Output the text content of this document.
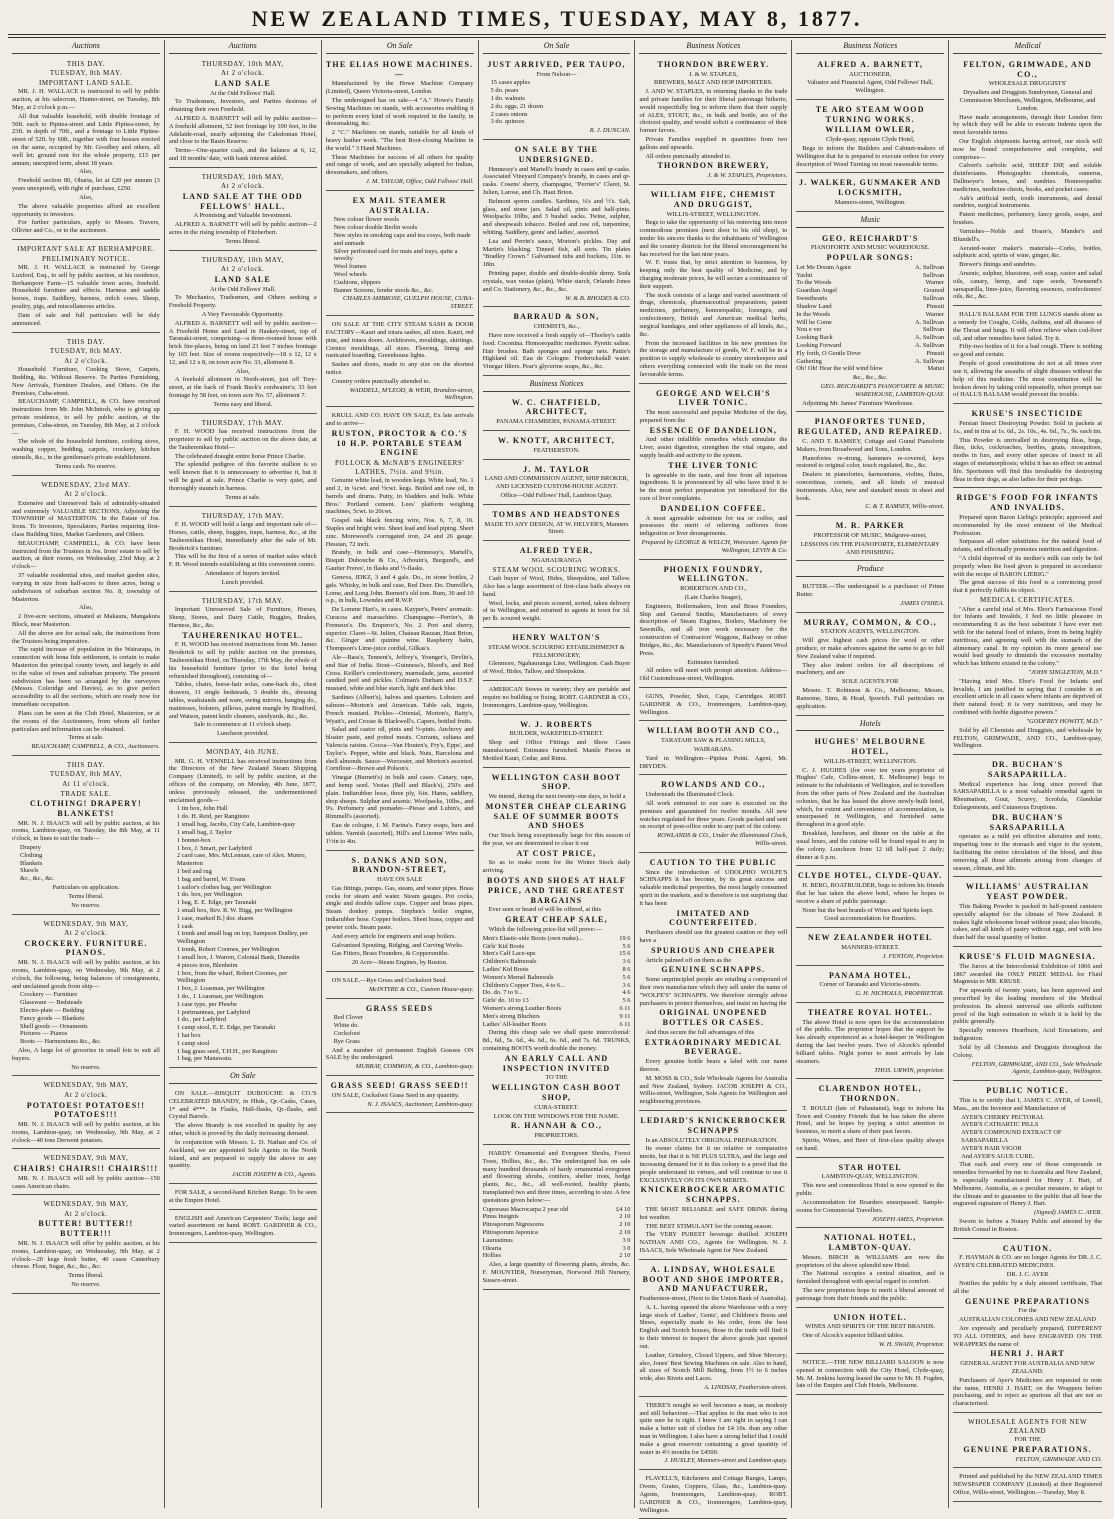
NEW ZEALAND TIMES, TUESDAY, MAY 8, 1877.
Auctions
THIS DAY.
TUESDAY, 8th MAY.
IMPORTANT LAND SALE.
MR. J. H. WALLACE is instructed to sell by public auction, at his salecrom, Hunter-street, on Tuesday, 8th May, at 2 o'clock p.m.—
All that valuable leasehold, with double frontage of 50ft. each to Pipitea-street and Little Pipitea-street, by 23ft. in depth of 70ft., and a frontage to Little Pipitea-street of 52ft. by 60ft., together with four houses erected on the same, occupied by Mr. Goodbey and others, all well let; ground rent for the whole property, £15 per annum; unexpired term, about 18 years.
Also,
Freehold section 80, Oharia, let at £20 per annum (3 years unexpired), with right of purchase, £250.
Also,
The above valuable properties afford an excellent opportunity to investors.
For further particulars, apply to Messrs. Travers, Ollivier and Co., or to the auctioneer.
IMPORTANT SALE AT BERHAMPORE.
PRELIMINARY NOTICE.
MR. J. H. WALLACE is instructed by George Luxford, Esq., to sell by public auction, at his residence, Berhampore Farm—15 valuable town acres, freehold. Household furniture and effects. Harness and saddle horses, traps. Saddlery, harness, milch cows. Sheep, poultry, pigs, and miscellaneous articles.
Date of sale and full particulars will be duly announced.
THIS DAY.
TUESDAY, 8th MAY.
At 2 o'clock.
Household Furniture, Cooking Stove, Carpets, Bedding, &c. Without Reserve. To Parties Furnishing, New Arrivals, Furniture Dealers, and Others. On the Premises, Cuba-street.
BEAUCHAMP, CAMPBELL, & CO. have received instructions from Mr. John McIntosh, who is giving up private residence, to sell by public auction, at the premises, Cuba-street, on Tuesday, 8th May, at 2 o'clock—
The whole of the household furniture, cooking stove, washing copper, bedding, carpets, crockery, kitchen utensils, &c., in the gentleman's private establishment.
Terms cash. No reserve.
WEDNESDAY, 23rd MAY.
At 2 o'clock.
Extensive and Unreserved Sale of admirably-situated and extremely VALUABLE SECTIONS, Adjoining the TOWNSHIP of MASTERTON. In the Estate of Jos. Irons. To Investors, Speculators, Parties requiring first-class Building Sites, Market Gardeners, and Others.
BEAUCHAMP, CAMPBELL, & CO. have been instructed from the Trustees in Jos. Irons' estate to sell by auction, at their rooms, on Wednesday, 23rd May, at 2 o'clock—
37 valuable residential sites, and market garden sites, varying in size from half-acres to three acres, being a subdivision of suburban section No. 8, township of Masterton.
Also,
2 five-acre sections, situated at Makaura, Mangakura Block, near Masterton.
All the above are for actual sale, the instructions from the Trustees being imperative.
The rapid increase of population in the Wairarapa, in connection with bona fide settlement, is certain to make Masterton the principal county town, and largely to add to the value of town and suburban property. The present subdivision has been so arranged by the surveyors (Messrs. Coleridge and Davies), as to give perfect accessibility to all the sections, which are ready now for immediate occupation.
Plans can be seen at the Club Hotel, Masterton, or at the rooms of the Auctioneers, from whom all further particulars and information can be obtained.
Terms at sale.
BEAUCHAMP, CAMPBELL, & CO., Auctioneers.
THIS DAY.
TUESDAY, 8th MAY,
At 11 o'clock.
TRADE SALE.
CLOTHING! DRAPERY! BLANKETS!
MR. N. J. ISAACS will sell by public auction, at his rooms, Lambton-quay, on Tuesday, the 8th May, at 11 o'clock, in lines to suit the trade—
Drapery
Clothing
Blankets
Shawls
&c., &c., &c.
Particulars on application.
Terms liberal.
No reserve.
WEDNESDAY, 9th MAY,
At 2 o'clock.
CROCKERY. FURNITURE. PIANOS.
MR. N. J. ISAACS will sell by public auction, at his rooms, Lambton-quay, on Wednesday, 9th May, at 2 o'clock, the following, being balances of consignments, and unclaimed goods from ship—
Crockery — Furniture
Glassware — Bedsteads
Electro-plate — Bedding
Fancy goods — Blankets
Shell goods — Ornaments
Pictures — Pianos
Boots — Harmoniums &c., &c.
Also, A large lot of groceries in small lots to suit all buyers.
No reserve.
WEDNESDAY, 9th MAY,
At 2 o'clock.
POTATOES! POTATOES!! POTATOES!!!
MR. N. J. ISAACS will sell by public auction, at his rooms, Lambton-quay, on Wednesday, 9th May, at 2 o'clock—40 tons Derwent potatoes.
WEDNESDAY, 9th MAY,
CHAIRS! CHAIRS!! CHAIRS!!!
MR. N. J. ISAACS will sell by public auction—150 cases American chairs.
WEDNESDAY, 9th MAY,
At 2 o'clock.
BUTTER! BUTTER!! BUTTER!!!
MR. N. J. ISAACS will offer by public auction, at his rooms, Lambton-quay, on Wednesday, 9th May, at 2 o'clock—20 kegs fresh butter, 40 cases Canterbury cheese. Flour, Sugar, &c., &c., &c.
Terms liberal.
No reserve.
Auctions
THURSDAY, 10th MAY,
At 2 o'clock.
LAND SALE
At the Odd Fellows' Hall.
To Tradesmen, Investors, and Parties desirous of obtaining their own Freehold.
ALFRED A. BARNETT will sell by public auction—A freehold allotment, 52 feet frontage by 100 feet, in the Adelaide-road, nearly adjoining the Caledonian Hotel, and close to the Basin Reserve.
Terms—One-quarter cash, and the balance at 6, 12, and 18 months' date, with bank interest added.
THURSDAY, 10th MAY,
At 2 o'clock.
LAND SALE AT THE ODD FELLOWS' HALL.
A Promising and Valuable Investment.
ALFRED A. BARNETT will sell by public auction—2 acres in the rising township of Fitzherbert.
Terms liberal.
THURSDAY, 10th MAY,
At 2 o'clock.
LAND SALE
At the Odd Fellows' Hall.
To Mechanics, Tradesmen, and Others seeking a Freehold Property.
A Very Favourable Opportunity.
ALFRED A. BARNETT will sell by public auction—A Freehold Home and Land in Haukey-street, top of Taranaki-street, comprising—a three-roomed house with brick fire-places, being on land 23 feet 7 inches frontage by 165 feet. Size of rooms respectively—18 x 12, 12 x 12, and 12 x 8, on town acre No. 33, allotment 8.
Also,
A freehold allotment in North-street, just off Tory-street, at the back of Frank Buck's cordwaine's; 33 feet frontage by 58 feet, on town acre No. 57, allotment 7.
Terms easy and liberal.
THURSDAY, 17th MAY.
F. H. WOOD has received instructions from the proprietor to sell by public auction on the above date, at the Tauherenikau Hotel—
The celebrated draught entire horse Prince Charlie.
The splendid pedigree of this favorite stallion is so well known that it is unnecessary to advertise it, but it will be good at sale. Prince Charlie is very quiet, and thoroughly staunch in harness.
Terms at sale.
THURSDAY, 17th MAY.
F. H. WOOD will hold a large and important sale of—Horses, cattle, sheep, buggies, traps, harness, &c., at the Tauherenikau Hotel, immediately after the sale of Mr. Broderick's furniture.
This will be the first of a series of market sales which F. H. Wood intends establishing at this convenient centre.
Attendance of buyers invited.
Lunch provided.
THURSDAY, 17th MAY.
Important Unreserved Sale of Furniture, Horses, Sheep, Stores, and Dairy Cattle, Buggies, Brakes, Harness, &c., &c.
TAUHERENIKAU HOTEL.
F. H. WOOD has received instructions from Mr. James Broderick to sell by public auction on the premises, Tauherenikau Hotel, on Thursday, 17th May, the whole of his household furniture (prior to the hotel being refurnished throughout), consisting of—
Tables, chairs, horse-hair sofas, cane-back do., chest drawers, 11 single bedsteads, 3 double do., dressing tables, washstands and ware, swing mirrors, hanging do., mattresses, bolsters, pillows, patent mangle by Bradford, and Watson, patent knife cleaners, steelyards, &c., &c.
Sale to commence at 11 o'clock sharp.
Luncheon provided.
MONDAY, 4th JUNE.
MR. G. H. VENNELL has received instructions from the Directors of the New Zealand Steam Shipping Company (Limited), to sell by public auction, at the offices of the company, on Monday, 4th June, 1877, unless previously released, the undermentioned unclaimed goods—
1 tin box, John Hall
1 do. H. Reid, per Rangitoto
1 small bag, Jacobs, City Cafe, Lambton-quay
1 small bag, J. Taylor
1 bonnet-box
1 box, J. Smart, per Ladybird
2 card case, Mrs. McLennan, care of Alex. Munro, Masterton
1 bed and rug
1 bag and barrel, W. Evans
1 sailor's clothes bag, per Wellington
1 do. box, per Wellington
1 bag, E. E. Edge, per Taranaki
1 small box, Rev. R. W. Bigg, per Wellington
1 case, marked B.] dor. shares
1 cask
1 trunk and small bag on top, Sampson Dudley, per Wellington
1 trunk, Robert Coomes, per Wellington
1 small box, J. Warren, Colonial Bank, Dunedin
4 pieces iron, Blenheim
1 box, from the wharf, Robert Coomes, per Wellington
1 box, J. Loasman, per Wellington
1 do., J. Loasman, per Wellington
1 case type, per Phoebe
1 portmanteau, per Ladybird
1 do., per Ladybird
1 camp stool, E. E. Edge, per Taranaki
1 hat box
1 camp stool
1 bag grass seed, T.H.H., per Rangitoto
1 bag, per Manawatu.
On Sale
ON SALE.—BISQUIT DUBOUCHE & CO.'S CELEBRATED BRANDY, in Hhds., Qr.-Casks, Cases, 1* and 4***. In Flasks, Half-flasks, Qr.-flasks, and Crystal Barrels.
The above Brandy is not excelled in quality by any other, which is proved by the daily increasing demand.
In conjunction with Messrs. L. D. Nathan and Co. of Auckland, we are appointed Sole Agents in the North Island, and are prepared to supply the above in any quantity.
JACOB JOSEPH & CO., Agents.
FOR SALE, a second-hand Kitchen Range. To be seen at the Empire Hotel.
ENGLISH and American Carpenters' Tools; large and varied assortment on hand. ROBT. GARDNER & CO., Ironmongers, Lambton-quay, Wellington.
On Sale
THE ELIAS HOWE MACHINES.—
Manufactured by the Howe Machine Company (Limited), Queen Victoria-street, London.
The undersigned has on sale—4 "A." Howe's Family Sewing Machines on stands, with accessories enabling it to perform every kind of work required in the family, in dressmaking, &c.
2 "C." Machines on stands, suitable for all kinds of heavy leather work. "The best Boot-closing Machine in the world." 3 Hand Machines.
These Machines for success of all others for quality and range of work, and are specially adapted for Indian, dressmakers, and others.
J. M. TAYLOR, Office, Odd Fellows' Hall.
EX MAIL STEAMER AUSTRALIA.
New colour flower wools
New colour double Berlin wools
New styles in smoking caps and tea cosys, both made and unmade
Silver perforated card for mats and trays, quite a novelty
Wool frames
Wool wheels
Cushions, slippers
Banner Screens, fender stools &c., &c.
CHARLES AMBROSE, GUELPH HOUSE, CUBA-STREET.
ON SALE AT THE CITY STEAM SASH & DOOR FACTORY—Kauri and totara sashes, all sizes. Kauri, red pine, and totara doors. Architraves, mouldings, skirtings. Cornice mouldings, all sizes. Flooring, lining and rusticated boarding. Greenhouse lights.
Sashes and doors, made to any size on the shortest notice.
Country orders punctually attended to.
WADDELL, M'LEOD, & WEIR, Brandon-street, Wellington.
KRULL AND CO. HAVE ON SALE, Ex late arrivals and to arrive—
RUSTON, PROCTOR & CO.'S 10 H.P. PORTABLE STEAM ENGINE
POLLOCK & McNAB'S ENGINEERS' LATHES, 7½in. and 9½in.
Genuine white lead, in wooden kegs. White lead, No. 1 and 2, in ¼cwt. and ½cwt. kegs. Boiled and raw oil, in barrels and drums. Putty, in bladders and bulk. White Bros.' Portland cement. Lees' platform weighing machines, 5cwt. to 20cwt.
Gospel oak black fencing wire, Nos. 6, 7, 8, 10. Staples and bright wire. Sheet lead and lead piping. Sheet zinc. Morewood's corrugated iron, 24 and 26 gauge. Hessian, 72 inch.
Brandy, in bulk and case—Hennessy's, Martell's, Bisquit Dubouche & Co., Arbouin's, Burgund's, and Gautier Freres', in flasks and ½-flasks.
Geneva, JDKZ, 3 and 4 gals. Do., in stone bottles, 2 gals. Whisky, in bulk and case, Red Deer. Do. Dunville's, Lorne, and Long John. Burnett's old tom. Rum, 30 and 10 o.p., in bulk, Lowndes and R.W.P.
De Lomme Hart's, in cases. Kuyper's, Peters' aromatic. Curacoa and maraschino. Champagne—Perrier's, & Fremeux's. Do. Emperor's, No. 2. Port and sherry, superior. Claret—St. Julien, Chateau Rauzan, Haut Brion, &c. Ginger and quinine wine. Raspberry balm, Thompson's Lime-juice cordial, Gilkas's.
Ale—Bass's, Tennent's, Jeffrey's, Younger's, Devlin's, and Star of India. Stout—Guinness's, Blood's, and Red Cross. Keiller's confectionery, marmalade, jams, assorted candied peel and pickles. Colman's Durham and D.S.F. mustard, white and blue starch, light and dark blue.
Sardines (Albert's), halves and quarters. Lobsters and salmon—Morton's and American. Table salt, ingots, French mustard. Pickles—Oriental, Morton's, Batty's, Wyatt's, and Crosse & Blackwell's. Capers, bottled fruits.
Salad and castor oil, pints and ½-pints. Anchovy and bloater paste, and potted meats. Currants, sultana and Valencia raisins. Cocoa—Van Houten's, Fry's, Epps', and Taylor's. Pepper, white and black. Nuts, Barcelona and shell almonds. Sauce—Worcester, and Morton's assorted. Cornflour—Brown and Polson's.
Vinegar (Burnett's) in bulk and cases. Canary, rape, and hemp seed. Vestas (Bell and Black's), 250's and plain. Indiarubber hose, three ply, ¾in. Hams, saddlery, shop sheeps. Sulphur and arsenic. Woolpacks, 10lbs., and 9's. Perfumery and pomades—Piesse and Lubin's, and Rimmell's (assorted).
Eau de cologne, J. M. Farina's. Fancy soaps, bars and tablets. Varnish (assorted), Hill's and Linoms' Wire nails, 1½in to 4in.
S. DANKS AND SON, BRANDON-STREET,
HAVE ON SALE
Gas fittings, pumps. Gas, steam, and water pipes. Brass cocks for steam and water. Steam gauges. Pot cocks, single and double tallow cups. Copper and brass pipes. Steam donkey pumps. Stephen's boiler engine, indiarubber hose. Copper boilers. Sheet brass, copper and pewter coils. Steam paste.
And every article for engineers and soap boilers.
Galvanised Spouting, Ridging, and Curving Works.
Gas Fitters, Brass Founders, & Coppersmiths.
20 Acre—Steam Engines, by Ruston.
ON SALE.—Rye Grass and Cocksfoot Seed.
McINTYRE & CO., Custom House-quay.
GRASS SEEDS
Red Clover
White do.
Cocksfoot
Rye Grass
And a number of permanent English Grasses ON SALE by the undersigned.
MURRAY, COMMON, & CO., Lambton-quay.
GRASS SEED! GRASS SEED!!
ON SALE, Cocksfoot Grass Seed in any quantity.
N. J. ISAACS, Auctioneer, Lambton-quay.
On Sale
JUST ARRIVED, PER TAUPO,
From Nelson—
15 cases apples
5 do. pears
1 do. walnuts
2 do. eggs, 21 dozen
2 cases onions
3 do. quinces
R. J. DUNCAN.
ON SALE BY THE UNDERSIGNED.
Hennessy's and Martell's brandy in cases and qr-casks. Associated Vineyard Company's brandy, in cases and qr-casks. Cosens' sherry, champagne, "Perrier's" Claret, St. Julien, Larose, and Ch. Haut Brion.
Belmont sperm candles. Sardines, ¼'s and ½'s. Salt, glass, and stone jars. Salad oil, pints and half-pints. Woolpacks 10lbs, and 3 bushel sacks. Twine, sulphur, and sheepwash tobacco. Boiled and raw oil, turpentine, whiting. Saddlery, gents' and ladies', assorted.
Lea and Perrin's sauce, Morton's pickles. Day and Martin's blacking. Tinned fish, all sorts. Tin plates "Bradley Crown." Galvanised tubs and buckets, 11in. to 18in.
Printing paper, double and double-double demy. Soda crystals, wax vestas (plain). White starch, Orlando Jones and Co. Stationery, &c., &c., &c.
W. & B. RHODES & CO.
BARRAUD & SON,
CHEMISTS, &c.,
Have now received a fresh supply of—Thorley's cattle food. Coconina. Homoeopathic medicines. Pyretic saline. Hair brushes. Bath sponges and sponge nets. Pattie's Highland oil. Eau de Cologne. Fredericksdall water. Vinegar filters. Pear's glycerine soaps, &c., &c.
Business Notices
W. C. CHATFIELD, ARCHITECT,
PANAMA CHAMBERS, PANAMA-STREET.
W. KNOTT, ARCHITECT,
FEATHERSTON.
J. M. TAYLOR
LAND AND COMMISSION AGENT, SHIP BROKER, AND LICENSED CUSTOM-HOUSE AGENT.
Office—Odd Fellows' Hall, Lambton Quay.
TOMBS AND HEADSTONES
MADE TO ANY DESIGN, AT W. HELYER'S, Manners Street.
ALFRED TYER,
NGAHAURANGA
STEAM WOOL SCOURING WORKS.
Cash buyer of Wool, Hides, Sheepskins, and Tallow. Also has a large assortment of first-class bails always on hand.
Wool, locks, and pieces scoured, sorted, taken delivery of in Wellington, and returned to agents in town for 1d. per lb. scoured weight.
HENRY WALTON'S
STEAM WOOL SCOURING ESTABLISHMENT & FELLMONGERY,
Glenmore, Ngahauranga Line, Wellington. Cash Buyer of Wool, Hides, Tallow, and Sheepskins.
AMERICAN Stoves in variety; they are portable and require no building or fixing. ROBT. GARDNER & CO., Ironmongers, Lambton-quay, Wellington.
W. J. ROBERTS
BUILDER, WAKEFIELD-STREET.
Shop and Office Fittings and Show Cases manufactured. Estimates furnished. Mantle Pieces in Mottled Kauri, Cedar, and Rimu.
WELLINGTON CASH BOOT SHOP.
We intend, during the next twenty-one days, to hold a
MONSTER CHEAP CLEARING SALE OF SUMMER BOOTS AND SHOES
Our Stock being exceptionally large for this season of the year, we are determined to clear it out
AT COST PRICE,
So as to make room for the Winter Stock daily arriving.
BOOTS AND SHOES AT HALF PRICE, AND THE GREATEST BARGAINS
Ever seen or heard of will be offered, at this
GREAT CHEAP SALE,
Which the following price-list will prove:—
Men's Elastic-side Boots (own make)...	19 6
Girls' Kid Boots	5 6
Men's Calf Lace-ups	15 6
Children's Balmorals	3 6
Ladies' Kid Boots	8 6
Women's Memel Balmorals	5 6
Children's Copper Toes, 4 to 6...	3 6
Do. do. 7 to 9...	4 6
Girls' do. 10 to 13	5 6
Women's strong Leather Boots	6 11
Men's strong Bluchers	9 11
Ladies' All-leather Boots	6 11
During this cheap sale we shall quote intercolonial: 8d., 6d., 5s. 6d., 4s. 6d., 6s. 6d., and 7s. 6d. TRUNKS, containing BOOTS worth double the money.
AN EARLY CALL AND INSPECTION INVITED
TO THE
WELLINGTON CASH BOOT SHOP,
CUBA-STREET.
LOOK ON THE WINDOWS FOR THE NAME.
R. HANNAH & CO.,
PROPRIETORS.
HARDY Ornamental and Evergreen Shrubs, Forest Trees, Hollies, &c., &c. The undersigned has on sale many hundred thousands of hardy ornamental evergreen and flowering shrubs, conifers, shelter trees, hedge plants, &c., &c., all well-rooted, healthy plants, transplanted two and three times, according to size. A few quotations given below:—
Cupressus Macrocarpa 2 year old	£4 10
Pinus Insignis	2 10
Pittosporum Nigrescens	2 10
Pittosporum Japonica	2 10
Laurustinus	3 0
Olearia	3 0
Hollies	2 10
Also, a large quantity of flowering plants, shrubs, &c. F. MOUNTIER, Nurseryman, Norwood Hill Nursery, Sussex-street.
Business Notices
THORNDON BREWERY.
J. & W. STAPLES,
BREWERS, MALT AND HOP IMPORTERS.
J. AND W. STAPLES, in returning thanks to the trade and private families for their liberal patronage hitherto, would respectfully beg to inform them that their supply of ALES, STOUT, &c., in bulk and bottle, are of the choicest quality, and would solicit a continuance of their former favors.
Private Families supplied in quantities from two gallons and upwards.
All orders punctually attended to.
THORNDON BREWERY,
J. & W. STAPLES, Proprietors.
WILLIAM FIFE, CHEMIST AND DRUGGIST,
WILLIS-STREET, WELLINGTON.
Begs to take the opportunity of his removing into more commodious premises (next door to his old shop), to tender his sincere thanks to the inhabitants of Wellington and the country districts for the liberal encouragement he has received for the last nine years.
W. F. trusts that, by strict attention to business, by keeping only the best quality of Medicine, and by charging moderate prices, he will secure a continuance of their support.
The stock consists of a large and varied assortment of drugs, chemicals, pharmaceutical preparations, patent medicines, perfumery, homoeopathic, lozenges, and confectionery, British and American medical herbs, surgical bandages, and other appliances of all kinds, &c., &c.
From the increased facilities in his new premises for the storage and manufacture of goods, W. F. will be in a position to supply wholesale to country storekeepers and others everything connected with the trade on the most favourable terms.
GEORGE AND WELCH'S LIVER TONIC.
The most successful and popular Medicine of the day, prepared from the
ESSENCE OF DANDELION,
And other infallible remedies which stimulate the Liver, assist digestion, strengthen the vital organs, and supply health and activity to the system.
THE LIVER TONIC
Is agreeable to the taste, and free from all injurious ingredients. It is pronounced by all who have tried it to be the most perfect preparation yet introduced for the cure of liver complaints.
DANDELION COFFEE.
A most agreeable substitute for tea or coffee, and possesses the merit of relieving sufferers from indigestion or liver derangements.
Prepared by GEORGE & WELCH, Worcester. Agents for Wellington, LEVIN & Co.
PHOENIX FOUNDRY, WELLINGTON.
ROBERTSON AND CO.,
(Late Charles Seager),
Engineers, Boilermakers, Iron and Brass Founders, Ship and General Smiths, Manufacturers of every description of Steam Engines, Boilers, Machinery for Sawmills, and all iron work necessary for the construction of Contractors' Waggons, Railway or other Bridges, &c., &c. Manufacturers of Speedy's Patent Wool Press.
Estimates furnished.
All orders will meet with prompt attention. Address—Old Customhouse-street, Wellington.
GUNS, Powder, Shot, Caps, Cartridges. ROBT. GARDNER & CO., Ironmongers, Lambton-quay, Wellington.
WILLIAM BOOTH AND CO.,
TARATAHI SAW & PLANING MILLS,
WAIRARAPA.
Yard in Wellington—Pipitea Point. Agent, Mr. DRYDEN.
ROWLANDS AND CO.,
Underneath the Illuminated Clock.
All work entrusted to our care is executed on the premises and guaranteed for twelve months. All new watches regulated for three years. Goods packed and sent on receipt of post-office order to any part of the colony.
ROWLANDS & CO., Under the Illuminated Clock, Willis-street.
CAUTION TO THE PUBLIC
Since the introduction of UDOLPHO WOLFE'S SCHNAPPS it has become, by its great success and valuable medicinal properties, the most largely consumed spirit in the markets, and is therefore is not surprising that it has been
IMITATED AND COUNTERFEITED.
Purchasers should use the greatest caution or they will have a
SPURIOUS AND CHEAPER
Article palmed off on them as the
GENUINE SCHNAPPS.
Some unprincipled people are retailing a compound of their own manufacture which they sell under the name of "WOLFE'S" SCHNAPPS. We therefore strongly advise purchasers to protect themselves, and insist on having the
ORIGINAL UNOPENED BOTTLES OR CASES.
And thus secure the full advantages of this
EXTRAORDINARY MEDICAL BEVERAGE.
Every genuine bottle bears a label with our name thereon.
M. MOSS & CO., Sole Wholesale Agents for Australia and New Zealand, Sydney. JACOB JOSEPH & CO., Willis-street, Wellington, Sole Agents for Wellington and neighbouring provinces.
LEDIARD'S KNICKERBOCKER SCHNAPPS
Is an ABSOLUTELY ORIGINAL PREPARATION.
Its owner claims for it no relative or comparative merits, but that it is NE PLUS ULTRA, and the large and increasing demand for it in this colony is a proof that the people understand its virtues, and will continue to use it EXCLUSIVELY ON ITS OWN MERITS.
KNICKERBOCKER AROMATIC SCHNAPPS.
THE MOST RELIABLE and SAFE DRINK during hot weather.
THE BEST STIMULANT for the coming season.
The VERY PUREST beverage distilled. JOSEPH NATHAN AND CO., Agents for Wellington. N. J. ISAACS, Sole Wholesale Agent for New Zealand.
A. LINDSAY, WHOLESALE BOOT AND SHOE IMPORTER, AND MANUFACTURER,
Featherston-street, (Next to the Union Bank of Australia).
A. L. having opened the above Warehouse with a very large stock of Ladies', Gents', and Children's Boots and Shoes, especially made to his order, from the best English and Scotch houses, those in the trade will find it to their interest to inspect the above goods just opened out.
Leather, Grindery, Closed Uppers, and Shoe Mercery; also, Jones' Best Sewing Machines on sale. Also to hand, all sizes of Scotch Mill Belting, from 1½ to 6 inches wide, also Rivets and Laces.
A. LINDSAY, Featherston-street.
THERE'S nought so well becomes a man, as modesty and still behaviour.—That applies to the man who is not quite sure he is right. I know I am right in saying I can make a better suit of clothes for £4 10s. than any other man in Wellington. I also have a strong belief that I could make a great reservoir containing a great quantity of water in 4½ months for £4500.
J. HUXLEY, Manners-street and Lambton-quay.
FLAVELL'S, Kitcheners and Cottage Ranges, Lamps, Ovens, Grates, Coppers, Glass, &c., Lambton-quay. Agents, Ironmongers, Lambton-quay, ROBT. GARDNER & CO., Ironmongers, Lambton-quay, Wellington.
Business Notices
ALFRED A. BARNETT,
AUCTIONEER,
Valuator and Financial Agent, Odd Fellows' Hall, Wellington.
TE ARO STEAM WOOD TURNING WORKS.
WILLIAM OWLER,
Clyde-quay, opposite Clyde Hotel,
Begs to inform the Builders and Cabinet-makers of Wellington that he is prepared to execute orders for every description of Wood Turning on most reasonable terms.
J. WALKER, GUNMAKER AND LOCKSMITH,
Manners-street, Wellington.
Music
GEO. REICHARDT'S
PIANOFORTE AND MUSIC WAREHOUSE.
POPULAR SONGS:
Let Me Dream Again	A. Sullivan
Yashti	Sullivan
To the Woods	Warner
Guardian Angel	Gounod
Sweethearts	Sullivan
Shadow Land	Pinsuti
In the Woods	Warner
Will he Come	A. Sullivan
Nou e ver	Sullivan
Looking Back	A. Sullivan
Looking Forward	A. Sullivan
Fly forth, O Gentle Dove	Pinsuti
Gathering	A. Sullivan
Oh! Oh! Hear the wild wind blow	Mattei
&c., &c., &c.
GEO. REICHARDT'S PIANOFORTE & MUSIC WAREHOUSE, LAMBTON-QUAY.
Adjoining Mr. James' Furniture Warehouse.
PIANOFORTES TUNED, REGULATED, AND REPAIRED.
C. AND T. RAMSEY, Cottage and Grand Pianoforte Makers, from Broadwood and Sons, London.
Pianofortes re-strung, hammers re-covered, keys restored to original color, touch regulated, &c., &c.
Dealers in pianofortes, harmoniums, violins, flutes, concertinas, cornets, and all kinds of musical instruments. Also, new and standard music in sheet and book.
C. & T. RAMSEY, Willis-street.
M. R. PARKER
PROFESSOR OF MUSIC, Mulgrave-street,
LESSONS ON THE PIANOFORTE, ELEMENTARY AND FINISHING.
Produce
BUTTER.—The undersigned is a purchaser of Prime Butter.
JAMES O'SHEA.
MURRAY, COMMON, & CO.,
STATION AGENTS, WELLINGTON.
Will give highest cash prices for wool or other produce, or make advances against the same to go to full New Zealand value if required.
They also indent orders for all descriptions of machinery, and are
SOLE AGENTS FOR
Messrs. T. Robinson & Co., Melbourne; Messrs. Ransome, Sims, & Head, Ipswich. Full particulars on application.
Hotels
HUGHES' MELBOURNE HOTEL,
WILLIS-STREET, WELLINGTON.
C. J. HUGHES (for over ten years proprietor of Hughes' Cafe, Collins-street, E. Melbourne) begs to intimate to the inhabitants of Wellington, and to travellers from the other parts of New Zealand and the Australian colonies, that he has leased the above newly-built hotel, which, for extent and convenience of accommodation, is unsurpassed in Wellington, and furnished same throughout in a good style.
Breakfast, luncheon, and dinner on the table at the usual hours, and the cuisine will be found equal to any in the colony. Luncheon from 12 till half-past 2 daily; dinner at 6 p.m.
CLYDE HOTEL, CLYDE-QUAY.
H. BERG, BOATBUILDER, begs to inform his friends that he has taken the above hotel, where he hopes to receive a share of public patronage.
None but the best brands of Wines and Spirits kept.
Good accommodation for Boarders.
NEW ZEALANDER HOTEL
MANNERS-STREET.
J. FENTON, Proprietor.
PANAMA HOTEL,
Corner of Taranaki and Victoria-streets.
G. H. NICHOLLS, PROPRIETOR.
THEATRE ROYAL HOTEL.
The above Hotel is now open for the accommodation of the public. The proprietor hopes that the support he has already experienced as a hotel-keeper in Wellington during the last twelve years. Two of Alcock's splendid billiard tables. Night porter to meet arrivals by late steamers.
THOS. URWIN, proprietor.
CLARENDON HOTEL, THORNDON.
T. BOULD (late of Pahautanui), begs to inform his Town and Country Friends that he has taken the above Hotel, and he hopes by paying a strict attention to business, to merit a share of their past favors.
Spirits, Wines, and Beer of first-class quality always on hand.
STAR HOTEL
LAMBTON-QUAY, WELLINGTON.
This new and commodious Hotel is now opened to the public.
Accommodation for Boarders unsurpassed. Sample-rooms for Commercial Travellers.
JOSEPH AMES, Proprietor.
NATIONAL HOTEL, LAMBTON-QUAY.
Messrs. BIRCH & WILLIAMS are now the proprietors of the above splendid new Hotel.
The National occupies a central situation, and is furnished throughout with special regard to comfort.
The new proprietors hope to merit a liberal amount of patronage from their friends and the public.
UNION HOTEL.
WINES AND SPIRITS OF THE BEST BRANDS.
One of Alcock's superior billiard tables.
W. H. SWAIN, Proprietor.
NOTICE.—THE NEW BILLIARD SALOON is now opened in connection with the City Hotel, Clyde-quay, Mr. M. Jenkins having leased the same to Mr. H. Fogden, late of the Empire and Club Hotels, Melbourne.
Medical
FELTON, GRIMWADE, AND CO.,
WHOLESALE DRUGGISTS'
Drysalters and Druggists Sundrymen, General and Commission Merchants, Wellington, Melbourne, and London.
Have made arrangements, through their London firm by which they will be able to execute Indents upon the most favorable terms.
Our English shipments having arrived, our stock will now be found comprehensive and complete, and comprises—
Calvert's carbolic acid, SHEEP DIP, and soluble disinfectants. Photographic chemicals, eamerus, Dallmeyer's lenses, and sundries. Homoeopathic medicines, medicine chests, books, and pocket cases.
Ash's artificial teeth, tooth instruments, and dental sundries, surgical instruments.
Patent medicines, perfumery, fancy goods, soaps, and brushes.
Varnishes—Noble and Hoare's, Mander's and Blundell's.
Aerated-water maker's materials—Corks, bottles, sulphuric acid, spirits of wine, ginger, &c.
Brewer's finings and sundries.
Arsenic, sulphur, bluestone, soft soap, castor and salad oils, canary, hemp, and rape seeds, Townsend's sarsaparilla, lime-juice, flavoring essences, confectioners' oils, &c., &c.
HALL'S BALSAM FOR THE LUNGS stands alone as a remedy for Coughs, Colds, Asthma, and all diseases of the Throat and lungs. It will often relieve when cod-liver oil, and other remedies have failed. Try it.
Fifty-two bottles of it for a bad cough. There is nothing so good and certain.
People of good constitutions do not at all times ever use it, allowing the assaults of slight diseases without the help of this medicine. The most constitution will be broken down by taking cold repeatedly, when prompt use of HALL'S BALSAM would prevent the trouble.
KRUSE'S INSECTICIDE
Persian Insect Destroying Powder. Sold in packets at 1s., and in tins at 1s. 6d., 2s. 10s., 4s. 6d., 7s., 9s. each tin.
This Powder is unrivalled in destroying fleas, bugs, flies, ticks, cockroaches, beetles, gnats, mosquitoes, moths in furs, and every other species of insect in all stages of metamorphosis; whilst it has no effect on animal life. Sportsmen will find this invaluable for destroying fleas in their dogs, as also ladies for their pet dogs.
RIDGE'S FOOD FOR INFANTS AND INVALIDS.
Prepared upon Baron Liebig's principle; approved and recommended by the most eminent of the Medical Profession.
Surpasses all other substitutes for the natural food of infants, and effectually promotes nutrition and digestion.
"A child deprived of its mother's milk can only be fed properly when the food given is prepared in accordance with the recipe of BARON LIEBIG."
The great success of this food is a convincing proof that it perfectly fulfils its object.
MEDICAL CERTIFICATES.
"After a careful trial of Mrs. Ebor's Farinaceous Food for Infants and Invalids, I feel no little pleasure in recommending it as the best substitute I have ever met with for the natural food of infants, from its being highly nutritious, and agreeing well with the stomach of the alimentary canal. In my opinion its more general use would lead greatly to diminish the excessive mortality which has hitherto existed in the colony."
"JOHN SINGLETON, M.D."
"Having tried Mrs. Ebor's Food for Infants and Invalids, I am justified in saying that I consider it an excellent article in all cases where infants are deprived of their natural food; it is very nutritious, and may be combined with feeble digestive powers."
"GODFREY HOWITT, M.D."
Sold by all Chemists and Druggists, and wholesale by FELTON, GRIMWADE, AND CO., Lambton-quay, Wellington.
DR. BUCHAN'S SARSAPARILLA.
Medical experience has long since proved that SARSAPARILLA is a most valuable remedial agent in Rheumatism, Gout, Scurvy, Scrofula, Glandular Enlargements, and Cutaneous Eruptions.
DR. BUCHAN'S SARSAPARILLA
operates as a mild yet effective alterative and tonic, imparting tone to the stomach and vigor to the system, facilitating the entire circulation of the blood, and thus removing all those ailments arising from changes of season, climate, and life.
WILLIAMS' AUSTRALIAN YEAST POWDER.
This Baking Powder is packed in half-pound canisters specially adapted for the climate of New Zealand. It makes light wholesome bread without yeast; also biscuits, cakes, and all kinds of pastry without eggs, and with less than half the usual quantity of butter.
KRUSE'S FLUID MAGNESIA.
The Jurors at the Intercolonial Exhibition of 1866 and 1867 awarded the ONLY PRIZE MEDAL for Fluid Magnesia to MR. KRUSE.
For upwards of twenty years, has been approved and prescribed by the leading members of the Medical profession. Its almost universal use affords sufficient proof of the high estimation in which it is held by the public generally.
Specially removes Heartburn, Acid Eructations, and Indigestion.
Sold by all Chemists and Druggists throughout the Colony.
FELTON, GRIMWADE, AND CO., Sole Wholesale Agents, Lambton-quay, Wellington.
PUBLIC NOTICE.
This is to certify that I, JAMES C. AYER, of Lowell, Mass., am the Inventor and Manufacturer of
AYER'S CHERRY PECTORAL
AYER'S CATHARTIC PILLS
AYER'S COMPOUND EXTRACT OF SARSAPARILLA
AYER'S HAIR VIGOR
And AYER'S AGUE CURE.
That each and every one of those compounds or remedies forwarded by me to Australia and New Zealand, is especially manufactured for Henry J. Hart, of Melbourne, Australia, as a peculiar measure, to adapt to the climate and to guarantee to the public that all bear the engraved signature of Henry J. Hart.
(Signed) JAMES C. AYER.
Sworn to before a Notary Public and attested by the British Consul in Boston.
CAUTION.
F. HAYMAN & CO. are no longer Agents for DR. J. C. AYER'S CELEBRATED MEDICINES.
DR. J. C. AYER
Notifies the public by a duly attested certificate, That all the
GENUINE PREPARATIONS
For the
AUSTRALIAN COLONIES AND NEW ZEALAND
Are expressly and peculiarly prepared, DIFFERENT TO ALL OTHERS, and have ENGRAVED ON THE WRAPPERS the name of
HENRI J. HART
GENERAL AGENT FOR AUSTRALIA AND NEW ZEALAND.
Purchasers of Ayer's Medicines are requested to note the name, HENRI J. HART, on the Wrappers before purchasing, and to reject as spurious all that are not so characterized.
WHOLESALE AGENTS FOR NEW ZEALAND
FOR THE
GENUINE PREPARATIONS.
FELTON, GRIMWADE AND CO.
Printed and published by the NEW ZEALAND TIMES NEWSPAPER COMPANY (Limited) at their Registered Office, Willis-street, Wellington.—Tuesday, May 8.
